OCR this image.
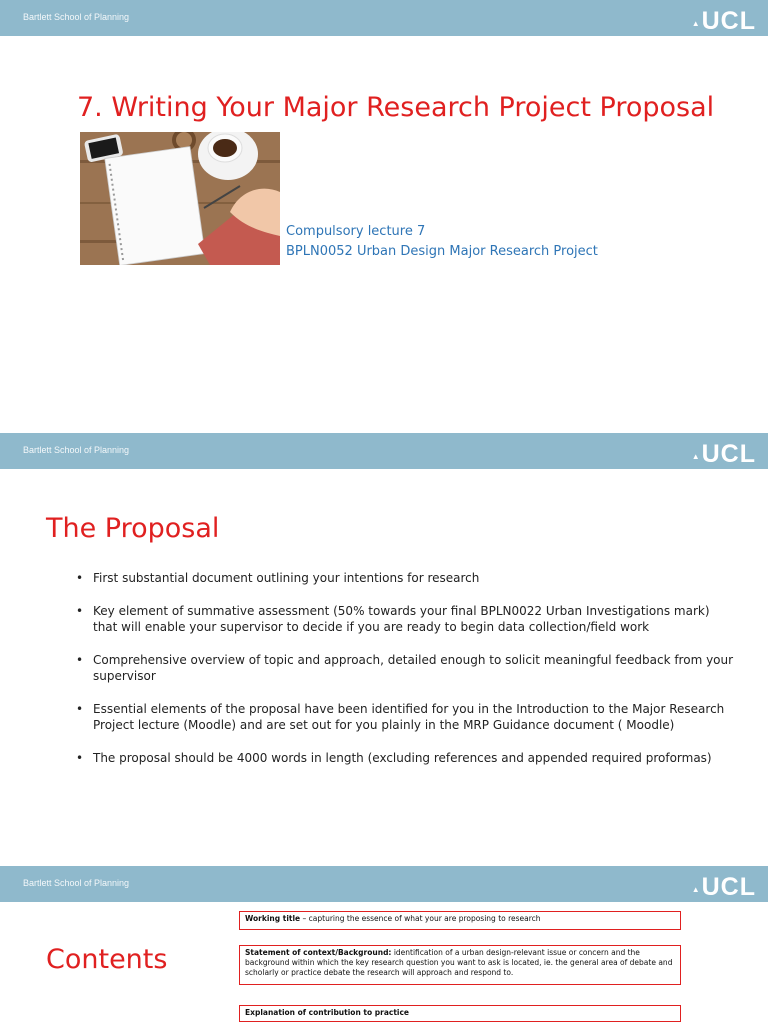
Bartlett School of Planning
▲ UCL
7. Writing Your Major Research Project Proposal
Compulsory lecture 7
BPLN0052 Urban Design Major Research Project
Bartlett School of Planning
▲ UCL
The Proposal
• First substantial document outlining your intentions for research
• Key element of summative assessment (50% towards your final BPLN0022 Urban Investigations mark) that will enable your supervisor to decide if you are ready to begin data collection/field work
• Comprehensive overview of topic and approach, detailed enough to solicit meaningful feedback from your supervisor
• Essential elements of the proposal have been identified for you in the Introduction to the Major Research Project lecture (Moodle) and are set out for you plainly in the MRP Guidance document ( Moodle)
• The proposal should be 4000 words in length (excluding references and appended required proformas)
Bartlett School of Planning
▲ UCL
Contents
Working title – capturing the essence of what your are proposing to research
Statement of context/Background: identification of a urban design-relevant issue or concern and the background within which the key research question you want to ask is located, ie. the general area of debate and scholarly or practice debate the research will approach and respond to.
Explanation of contribution to practice
